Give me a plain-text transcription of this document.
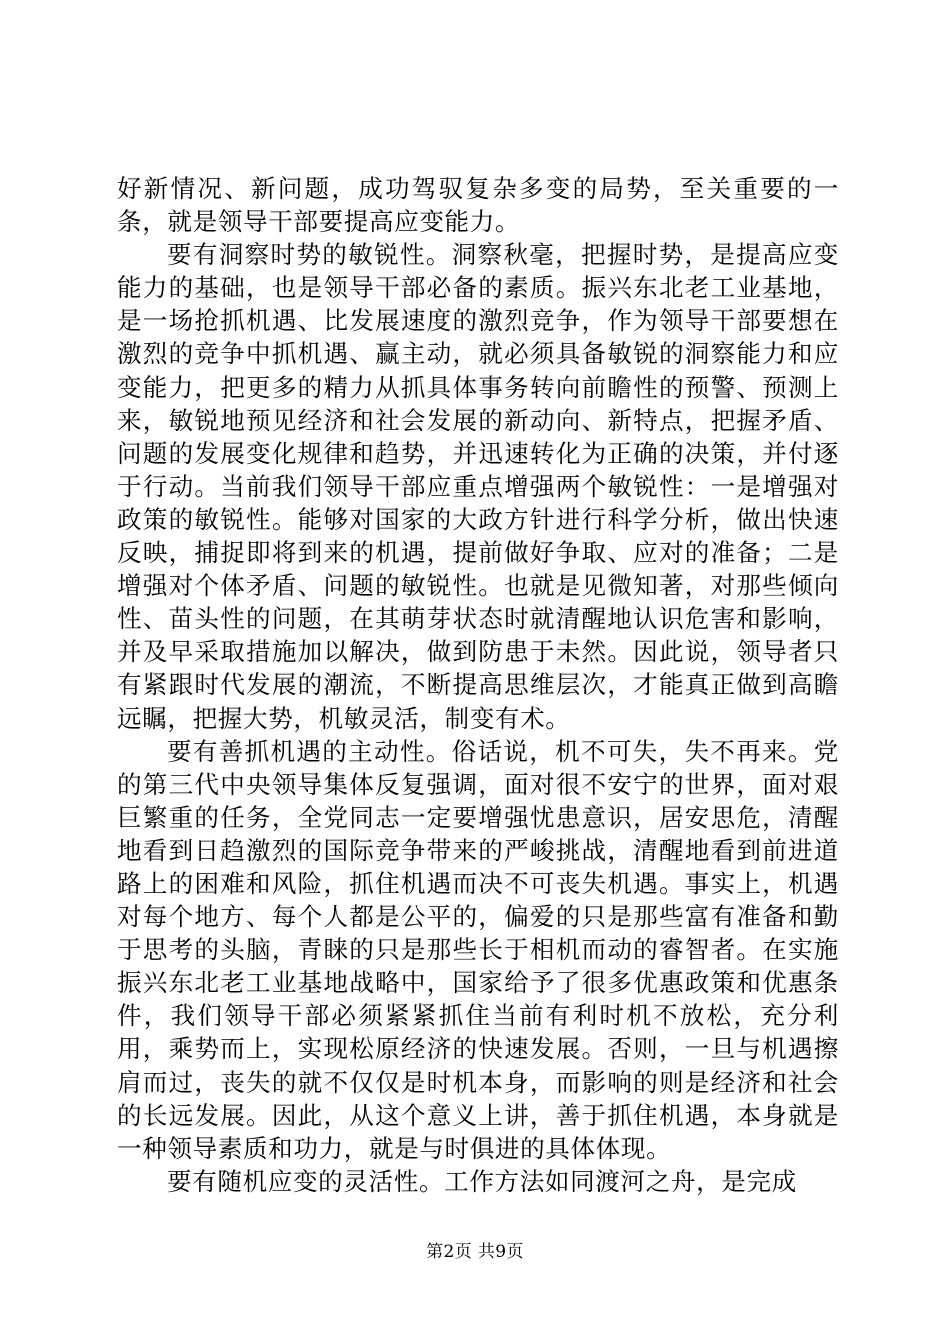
好新情况、新问题，成功驾驭复杂多变的局势，至关重要的一条，就是领导干部要提高应变能力。

要有洞察时势的敏锐性。洞察秋毫，把握时势，是提高应变能力的基础，也是领导干部必备的素质。振兴东北老工业基地，是一场抢抓机遇、比发展速度的激烈竞争，作为领导干部要想在激烈的竞争中抓机遇、赢主动，就必须具备敏锐的洞察能力和应变能力，把更多的精力从抓具体事务转向前瞻性的预警、预测上来，敏锐地预见经济和社会发展的新动向、新特点，把握矛盾、问题的发展变化规律和趋势，并迅速转化为正确的决策，并付逐于行动。当前我们领导干部应重点增强两个敏锐性：一是增强对政策的敏锐性。能够对国家的大政方针进行科学分析，做出快速反映，捕捉即将到来的机遇，提前做好争取、应对的准备；二是增强对个体矛盾、问题的敏锐性。也就是见微知著，对那些倾向性、苗头性的问题，在其萌芽状态时就清醒地认识危害和影响，并及早采取措施加以解决，做到防患于未然。因此说，领导者只有紧跟时代发展的潮流，不断提高思维层次，才能真正做到高瞻远瞩，把握大势，机敏灵活，制变有术。

要有善抓机遇的主动性。俗话说，机不可失，失不再来。党的第三代中央领导集体反复强调，面对很不安宁的世界，面对艰巨繁重的任务，全党同志一定要增强忧患意识，居安思危，清醒地看到日趋激烈的国际竞争带来的严峻挑战，清醒地看到前进道路上的困难和风险，抓住机遇而决不可丧失机遇。事实上，机遇对每个地方、每个人都是公平的，偏爱的只是那些富有准备和勤于思考的头脑，青睐的只是那些长于相机而动的睿智者。在实施振兴东北老工业基地战略中，国家给予了很多优惠政策和优惠条件，我们领导干部必须紧紧抓住当前有利时机不放松，充分利用，乘势而上，实现松原经济的快速发展。否则，一旦与机遇擦肩而过，丧失的就不仅仅是时机本身，而影响的则是经济和社会的长远发展。因此，从这个意义上讲，善于抓住机遇，本身就是一种领导素质和功力，就是与时俱进的具体体现。

要有随机应变的灵活性。工作方法如同渡河之舟，是完成

第2页 共9页
